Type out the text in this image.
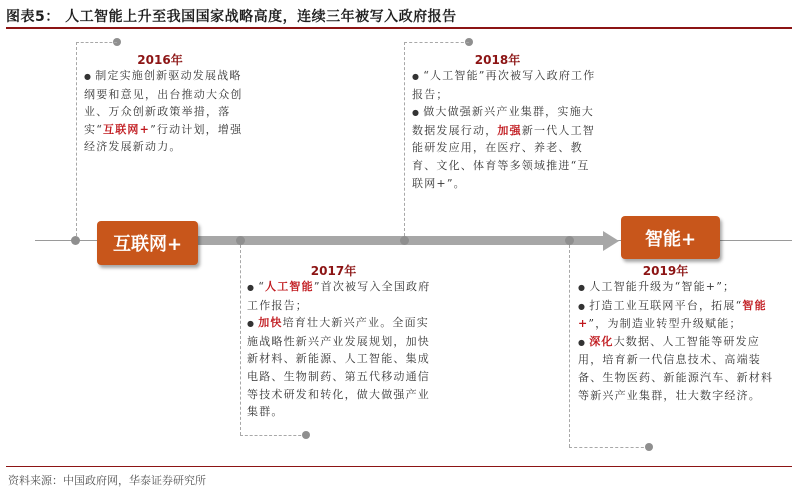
图表5： 人工智能上升至我国国家战略高度，连续三年被写入政府报告
互联网+	智能+
2016年

● 制定实施创新驱动发展战略纲要和意见，出台推动大众创业、万众创新政策举措，落实“互联网+”行动计划，增强经济发展新动力。

2017年

● “人工智能”首次被写入全国政府工作报告；

● 加快培育壮大新兴产业。全面实施战略性新兴产业发展规划，加快新材料、新能源、人工智能、集成电路、生物制药、第五代移动通信等技术研发和转化，做大做强产业集群。

2018年

● “人工智能”再次被写入政府工作报告；

● 做大做强新兴产业集群，实施大数据发展行动，加强新一代人工智能研发应用，在医疗、养老、教育、文化、体育等多领域推进“互联网+”。

2019年

● 人工智能升级为“智能+”；

● 打造工业互联网平台，拓展“智能+”，为制造业转型升级赋能；

● 深化大数据、人工智能等研发应用，培育新一代信息技术、高端装备、生物医药、新能源汽车、新材料等新兴产业集群，壮大数字经济。

资料来源：中国政府网，华泰证券研究所
